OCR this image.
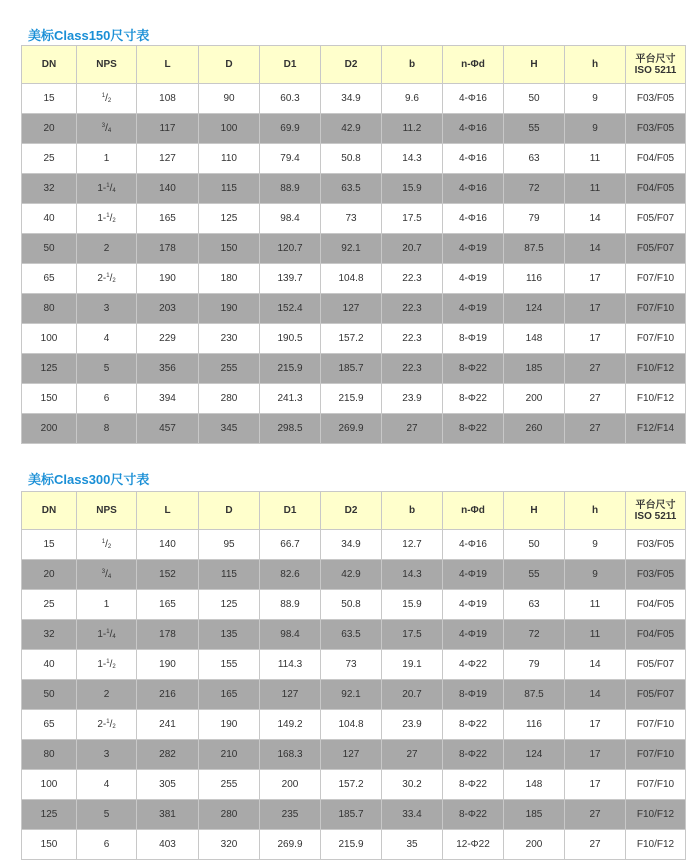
美标Class150尺寸表
DN	NPS	L	D	D1	D2	b	n-Φd	H	h	平台尺寸
ISO 5211

15	$^1/_2$	108	90	60.3	34.9	9.6	4-Φ16	50	9	F03/F05
20	$^3/_4$	117	100	69.9	42.9	11.2	4-Φ16	55	9	F03/F05
25	1	127	110	79.4	50.8	14.3	4-Φ16	63	11	F04/F05
32	$1-^1/_4$	140	115	88.9	63.5	15.9	4-Φ16	72	11	F04/F05
40	$1-^1/_2$	165	125	98.4	73	17.5	4-Φ16	79	14	F05/F07
50	2	178	150	120.7	92.1	20.7	4-Φ19	87.5	14	F05/F07
65	$2-^1/_2$	190	180	139.7	104.8	22.3	4-Φ19	116	17	F07/F10
80	3	203	190	152.4	127	22.3	4-Φ19	124	17	F07/F10
100	4	229	230	190.5	157.2	22.3	8-Φ19	148	17	F07/F10
125	5	356	255	215.9	185.7	22.3	8-Φ22	185	27	F10/F12
150	6	394	280	241.3	215.9	23.9	8-Φ22	200	27	F10/F12
200	8	457	345	298.5	269.9	27	8-Φ22	260	27	F12/F14
美标Class300尺寸表
DN	NPS	L	D	D1	D2	b	n-Φd	H	h	平台尺寸
ISO 5211

15	$^1/_2$	140	95	66.7	34.9	12.7	4-Φ16	50	9	F03/F05
20	$^3/_4$	152	115	82.6	42.9	14.3	4-Φ19	55	9	F03/F05
25	1	165	125	88.9	50.8	15.9	4-Φ19	63	11	F04/F05
32	$1-^1/_4$	178	135	98.4	63.5	17.5	4-Φ19	72	11	F04/F05
40	$1-^1/_2$	190	155	114.3	73	19.1	4-Φ22	79	14	F05/F07
50	2	216	165	127	92.1	20.7	8-Φ19	87.5	14	F05/F07
65	$2-^1/_2$	241	190	149.2	104.8	23.9	8-Φ22	116	17	F07/F10
80	3	282	210	168.3	127	27	8-Φ22	124	17	F07/F10
100	4	305	255	200	157.2	30.2	8-Φ22	148	17	F07/F10
125	5	381	280	235	185.7	33.4	8-Φ22	185	27	F10/F12
150	6	403	320	269.9	215.9	35	12-Φ22	200	27	F10/F12
